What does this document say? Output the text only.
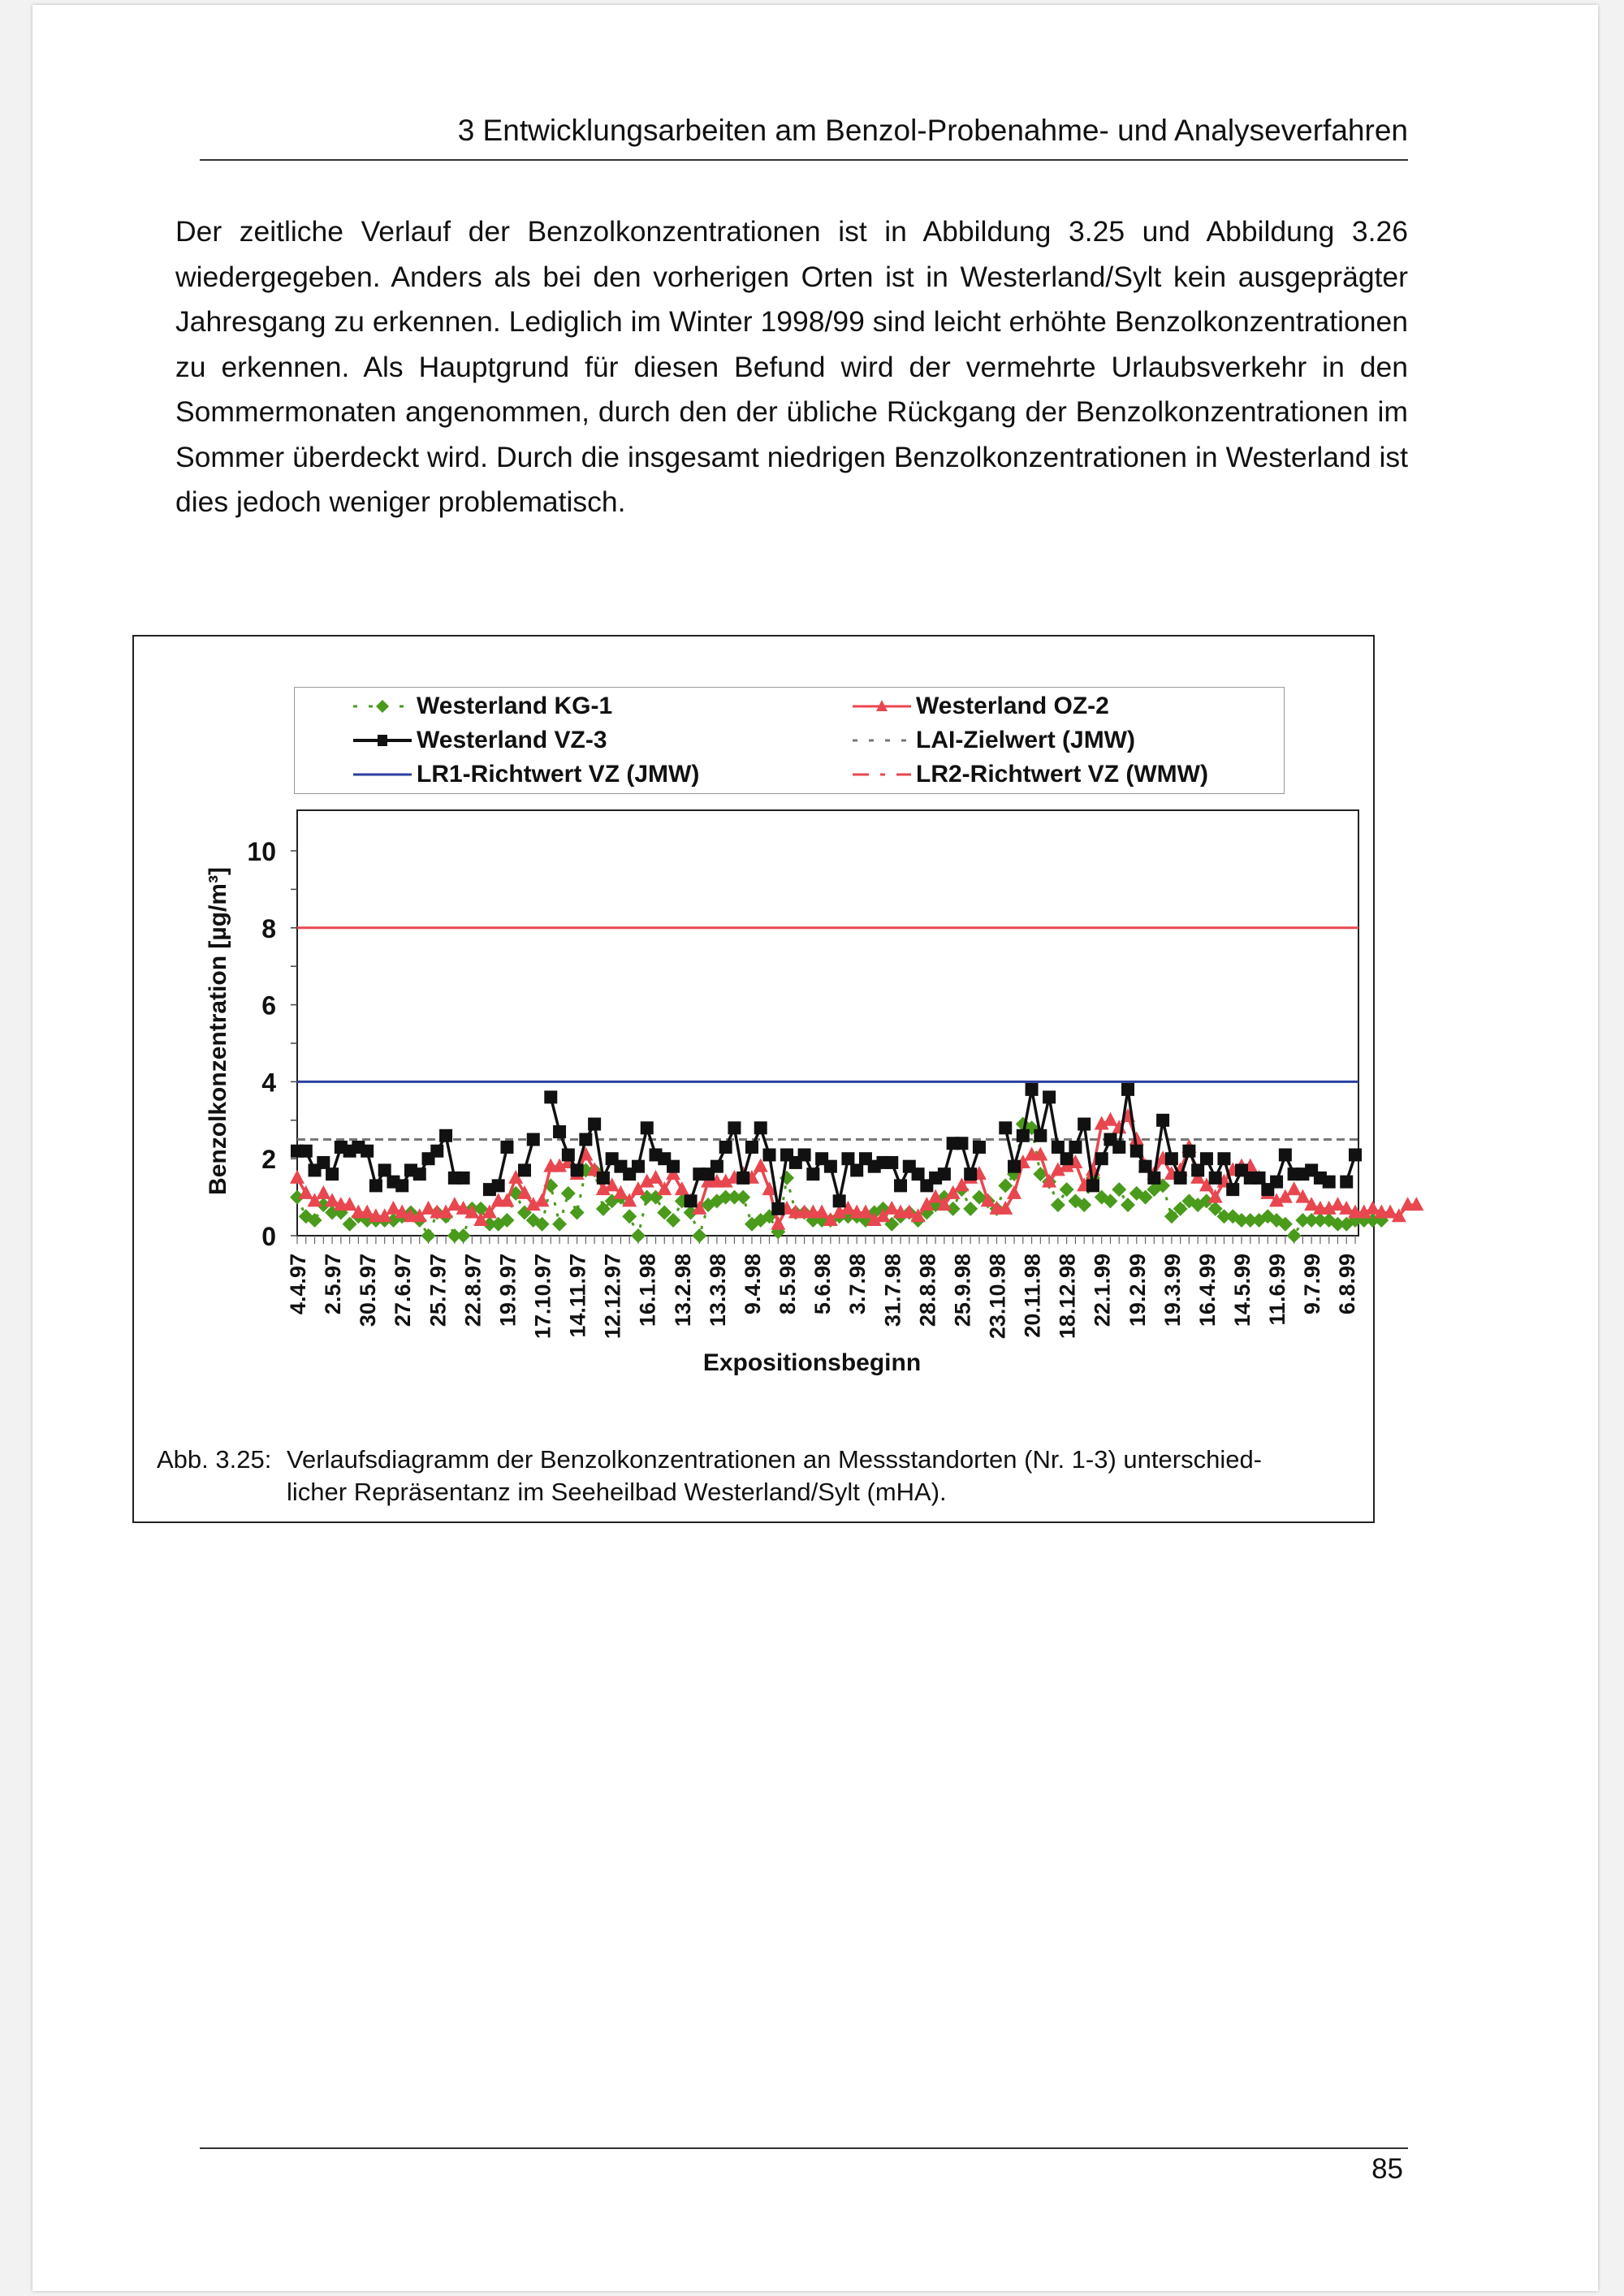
3 Entwicklungsarbeiten am Benzol-Probenahme- und Analyseverfahren

Der zeitliche Verlauf der Benzolkonzentrationen ist in Abbildung 3.25 und Abbildung 3.26 wiedergegeben. Anders als bei den vorherigen Orten ist in Westerland/Sylt kein ausgeprägter Jahresgang zu erkennen. Lediglich im Winter 1998/99 sind leicht erhöhte Benzolkonzentrationen zu erkennen. Als Hauptgrund für diesen Befund wird der vermehrte Urlaubsverkehr in den Sommermonaten angenommen, durch den der übliche Rückgang der Benzolkonzentrationen im Sommer überdeckt wird. Durch die insgesamt niedrigen Benzolkonzentrationen in Westerland ist dies jedoch weniger problematisch.

0
2
4
6
8
10
Benzolkonzentration [µg/m³]
4.4.97 2.5.97 30.5.97 27.6.97 25.7.97 22.8.97 19.9.97 17.10.97 14.11.97 12.12.97 16.1.98 13.2.98 13.3.98 9.4.98 8.5.98 5.6.98 3.7.98 31.7.98 28.8.98 25.9.98 23.10.98 20.11.98 18.12.98 22.1.99 19.2.99 19.3.99 16.4.99 14.5.99 11.6.99 9.7.99 6.8.99
Expositionsbeginn
Westerland KG-1	Westerland OZ-2
Westerland VZ-3	LAI-Zielwert (JMW)
LR1-Richtwert VZ (JMW)	LR2-Richtwert VZ (WMW)
Abb. 3.25: Verlaufsdiagramm der Benzolkonzentrationen an Messstandorten (Nr. 1-3) unterschied-
licher Repräsentanz im Seeheilbad Westerland/Sylt (mHA).
85
